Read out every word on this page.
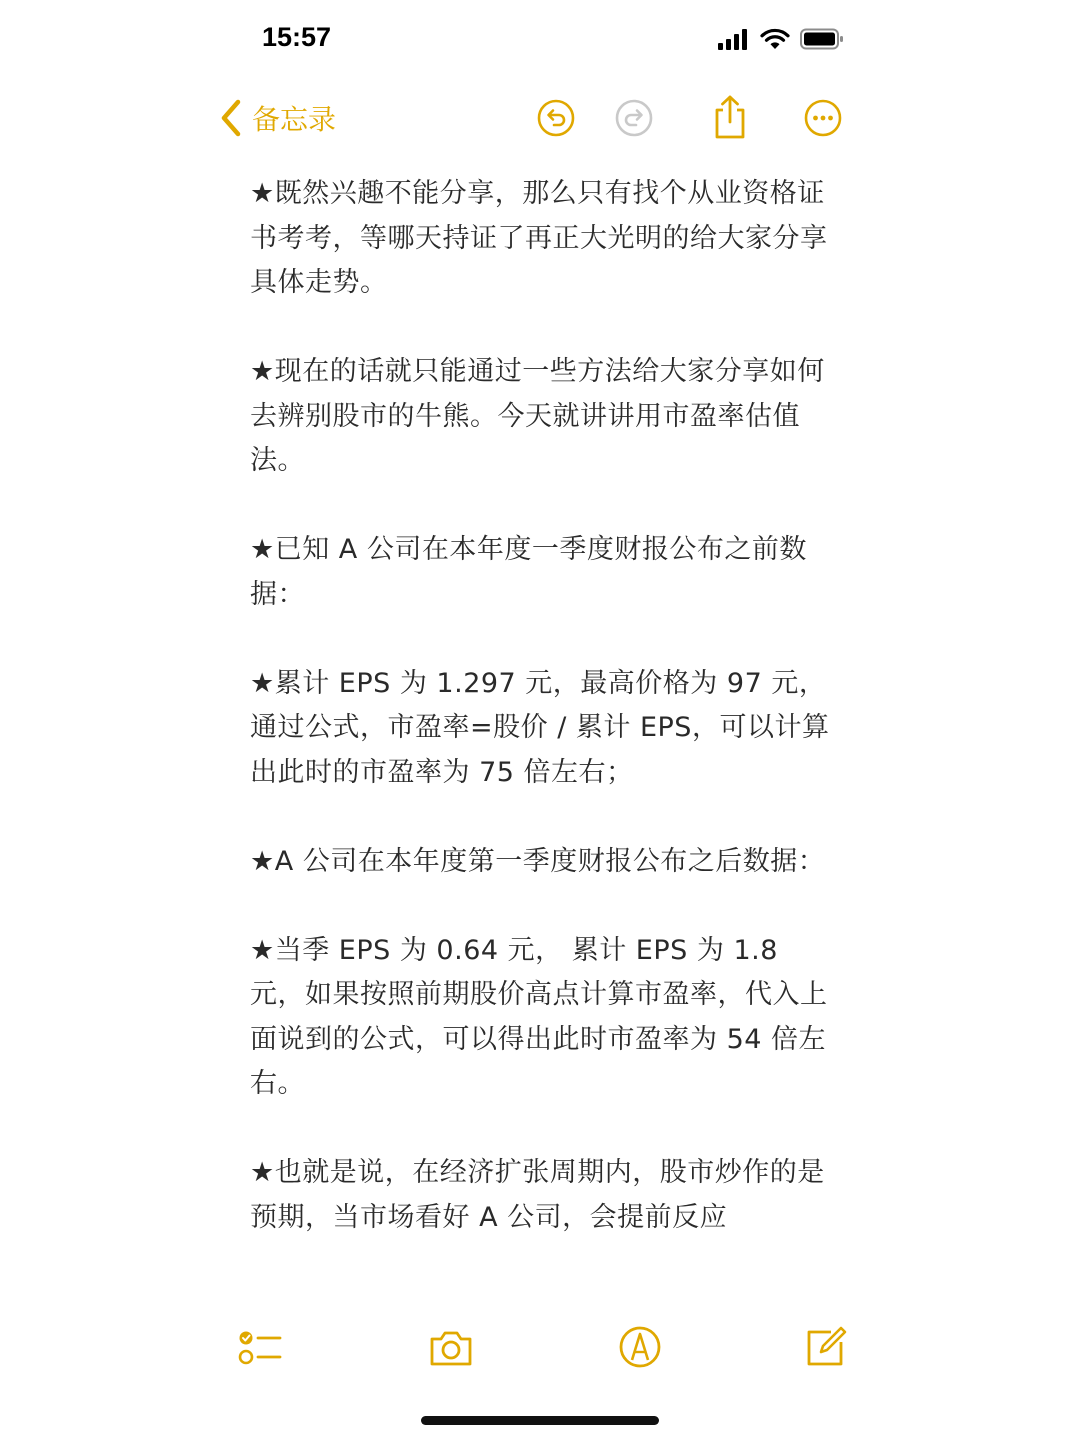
15:57
备忘录

★既然兴趣不能分享，那么只有找个从业资格证书考考，等哪天持证了再正大光明的给大家分享具体走势。

★现在的话就只能通过一些方法给大家分享如何去辨别股市的牛熊。今天就讲讲用市盈率估值法。

★已知 A 公司在本年度一季度财报公布之前数据：

★累计 EPS 为 1.297 元，最高价格为 97 元，通过公式，市盈率=股价 / 累计 EPS，可以计算出此时的市盈率为 75 倍左右；

★A 公司在本年度第一季度财报公布之后数据：

★当季 EPS 为 0.64 元， 累计 EPS 为 1.8 元，如果按照前期股价高点计算市盈率，代入上面说到的公式，可以得出此时市盈率为 54 倍左右。

★也就是说，在经济扩张周期内，股市炒作的是预期，当市场看好 A 公司，会提前反应
